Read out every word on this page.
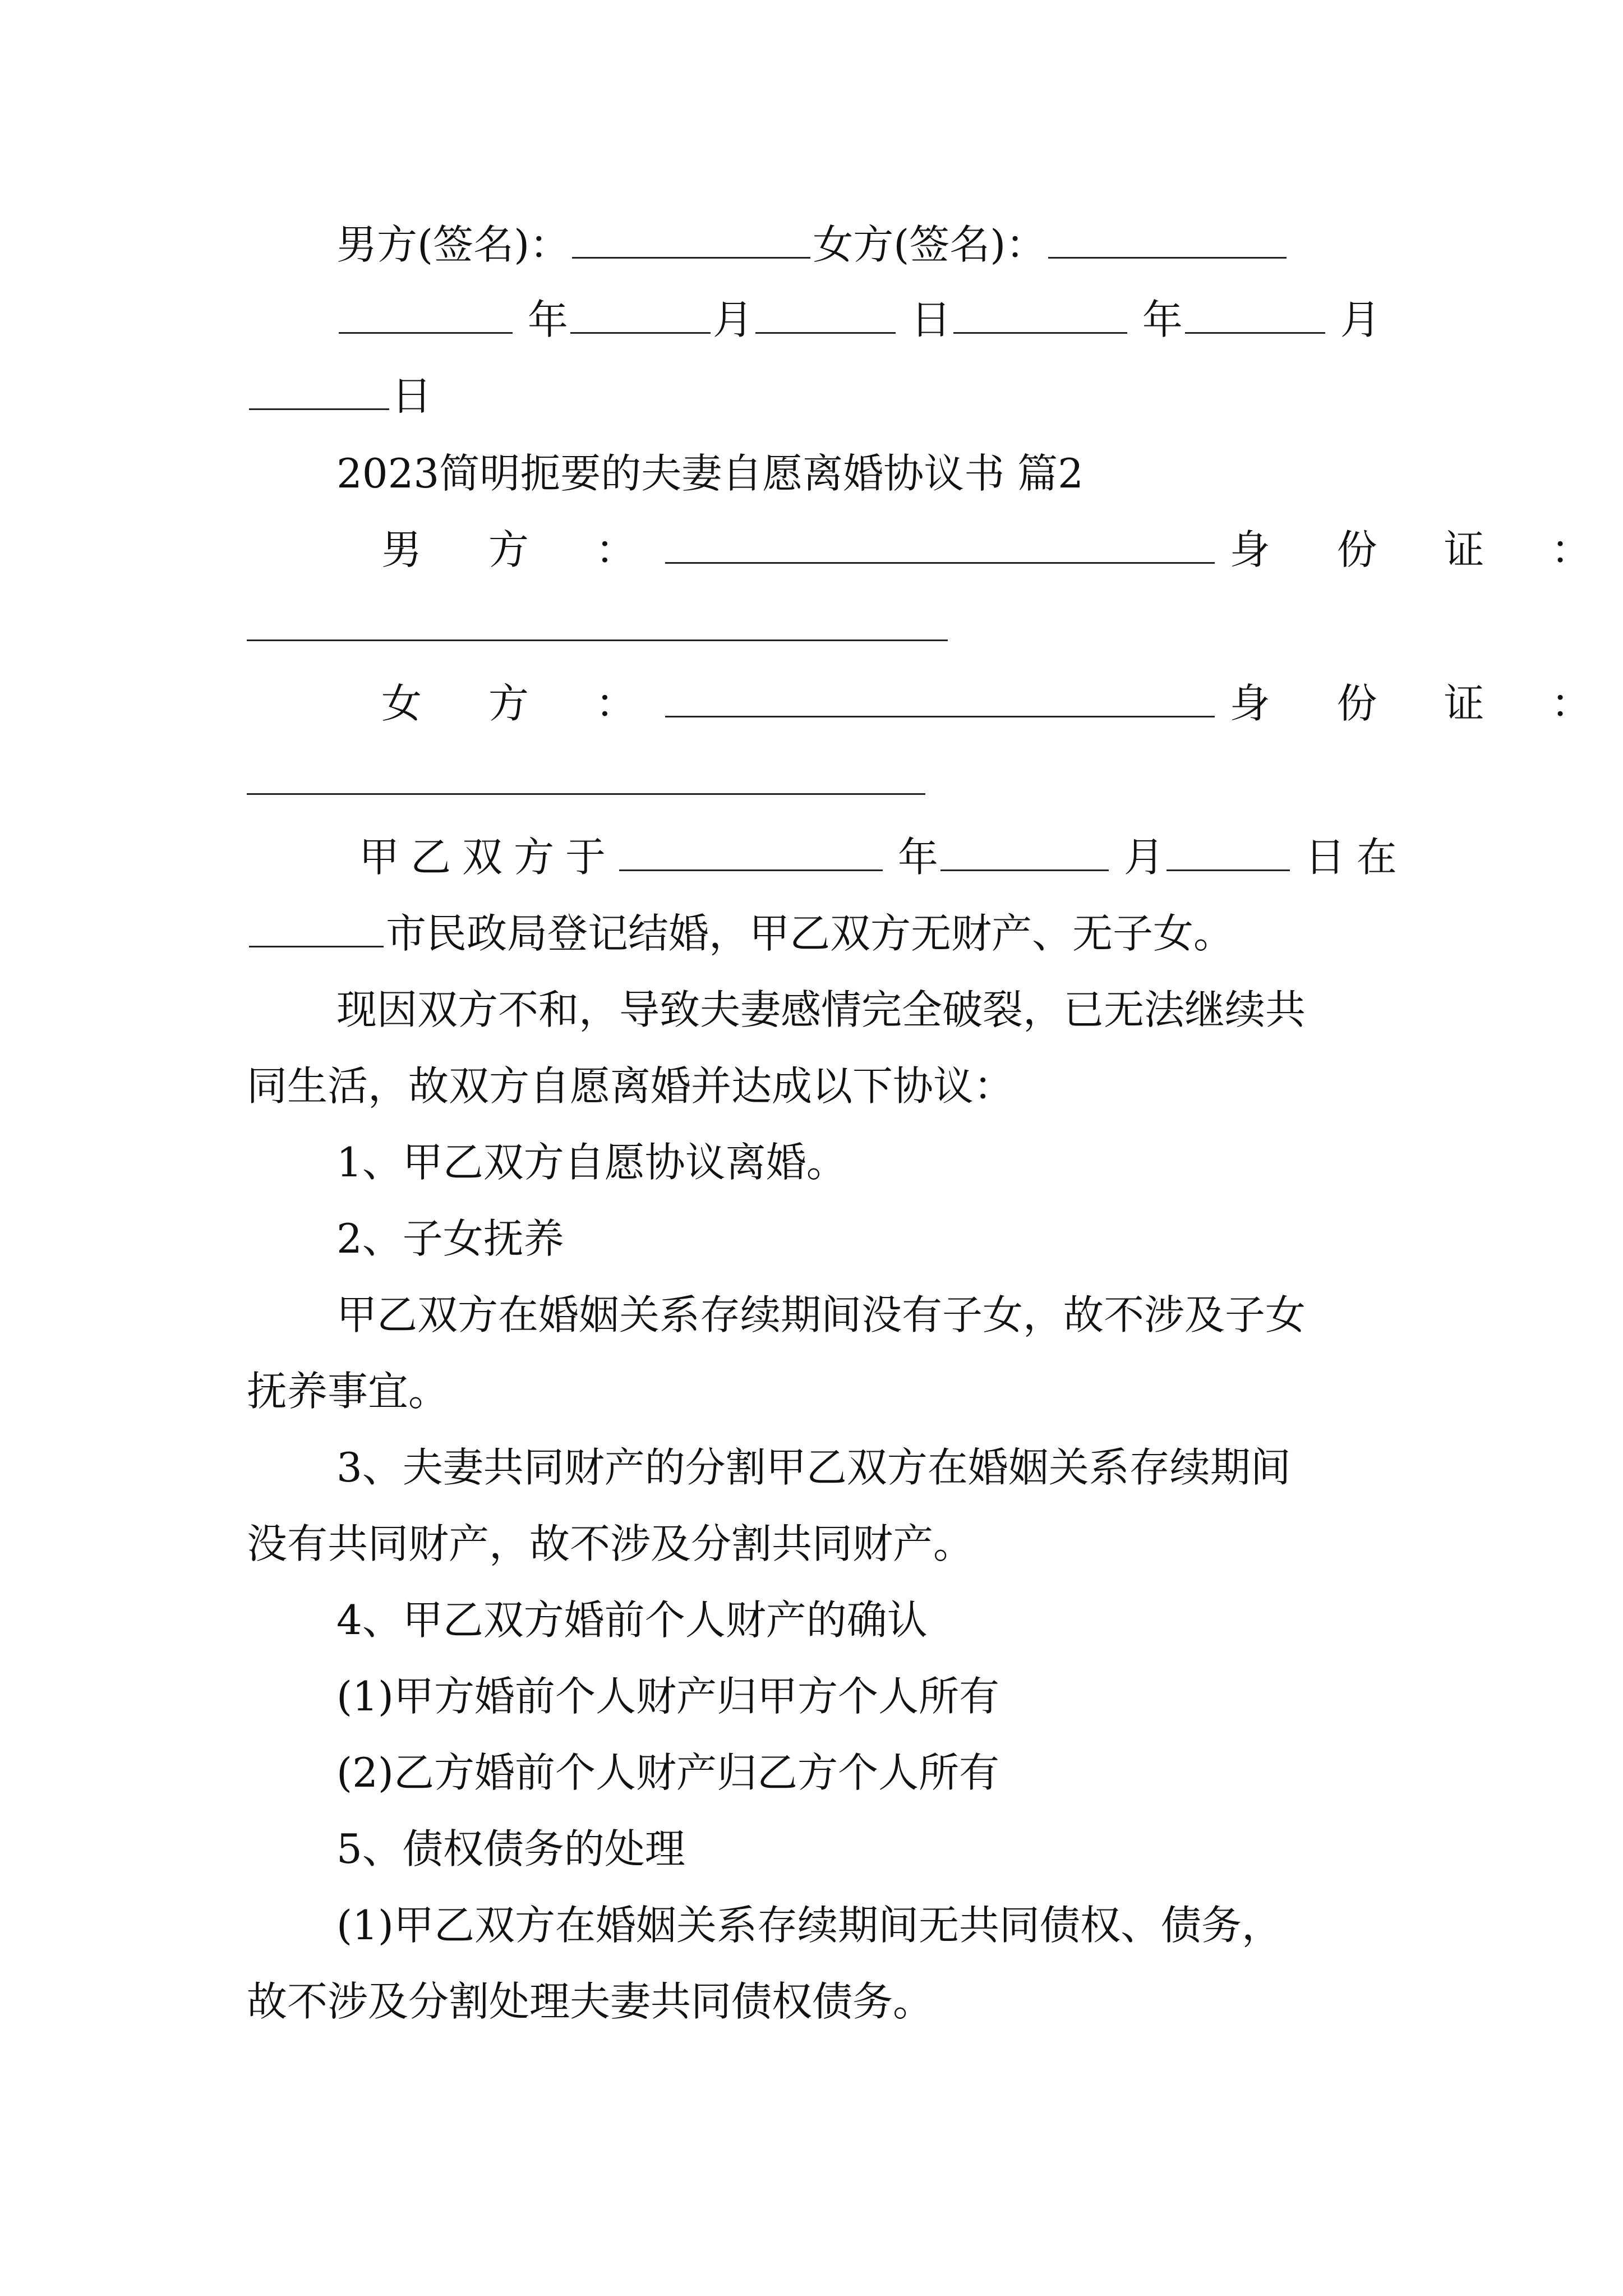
男方(签名)：	女方(签名)：
年	月	日	年	月
日
2023简明扼要的夫妻自愿离婚协议书 篇2
男 方 ：	身 份 证 ：
女 方 ：	身 份 证 ：
甲乙双方于	年	月	日在
市民政局登记结婚，甲乙双方无财产、无子女。
现因双方不和，导致夫妻感情完全破裂，已无法继续共
同生活，故双方自愿离婚并达成以下协议：
1、甲乙双方自愿协议离婚。
2、子女抚养
甲乙双方在婚姻关系存续期间没有子女，故不涉及子女
抚养事宜。
3、夫妻共同财产的分割甲乙双方在婚姻关系存续期间
没有共同财产，故不涉及分割共同财产。
4、甲乙双方婚前个人财产的确认
(1)甲方婚前个人财产归甲方个人所有
(2)乙方婚前个人财产归乙方个人所有
5、债权债务的处理
(1)甲乙双方在婚姻关系存续期间无共同债权、债务，
故不涉及分割处理夫妻共同债权债务。
